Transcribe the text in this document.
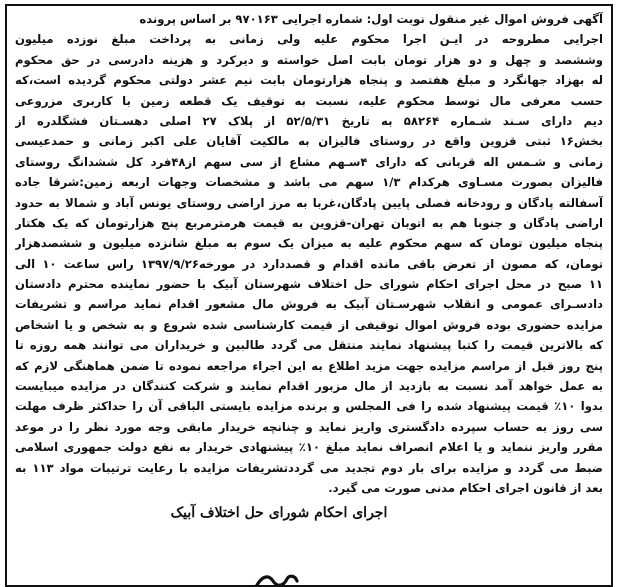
آگهی فروش اموال غیر منقول نوبت اول: شماره اجرایی ۹۷۰۱۶۳ بر اساس پرونده
اجرایی مطروحه در ایـن اجرا محکوم علیه ولی زمانی به پرداخت مبلغ نوزده میلیون
وششصد و چهل و دو هزار تومان بابت اصل خواسته و دیرکرد و هزینه دادرسی در حق محکوم
له بهزاد جهانگرد و مبلغ هفتصد و پنجاه هزارتومان بابت نیم عشر دولتی محکوم گردیده است،که
حسب معرفی مال توسط محکوم علیه، نسبت به توقیف یک قطعه زمین با کاربری مزروعی
دیم دارای سـند شـماره ۵۸۲۶۴ به تاریخ ۵۲/۵/۳۱ از پلاک ۲۷ اصلی دهسـتان فشگلدره از
بخش۱۶ ثبتی قزوین واقع در روستای فالیزان به مالکیت آقایان علی اکبر زمانی و حمدعیسی
زمانی و شـمس اله قربانی که دارای ۴سـهم مشاع از سی سهم از۴۸فرد کل ششدانگ روستای
فالیزان بصورت مسـاوی هرکدام ۱/۳ سهم می باشد و مشخصات وجهات اربعه زمین:شرقا جاده
آسفالته پادگان و رودخانه فصلی پایین پادگان،غربا به مرز اراضی روستای یونس آباد و شمالا به حدود
اراضی پادگان و جنوبا هم به اتوبان تهران-قزوین به قیمت هرمترمربع پنج هزارتومان که یک هکتار
پنجاه میلیون تومان که سهم محکوم علیه به میزان یک سوم به مبلغ شانزده میلیون و ششصدهزار
تومان، که مصون از تعرض باقی مانده اقدام و قصددارد در مورخه۱۳۹۷/۹/۲۶ راس ساعت ۱۰ الی
۱۱ صبح در محل اجرای احکام شورای حل اختلاف شهرستان آبیک با حضور نماینده محترم دادستان
دادسـرای عمومی و انقلاب شهرسـتان آبیک به فروش مال مشعور اقدام نماید مراسم و تشریفات
مزایده حضوری بوده فروش اموال توقیفی از قیمت کارشناسی شده شروع و به شخص و یا اشخاص
که بالاترین قیمت را کتبا پیشنهاد نمایند منتقل می گردد طالبین و خریداران می توانند همه روزه تا
پنج روز قبل از مراسم مزایده جهت مزید اطلاع به این اجراء مراجعه نموده تا ضمن هماهنگی لازم که
به عمل خواهد آمد نسبت به بازدید از مال مزبور اقدام نمایند و شرکت کنندگان در مزایده میبایست
بدوا ۱۰٪ قیمت پیشنهاد شده را فی المجلس و برنده مزایده بایستی الباقی آن را حداکثر ظرف مهلت
سی روز به حساب سپرده دادگستری واریز نماید و چنانچه خریدار مابقی وجه مورد نظر را در موعد
مقرر واریز ننماید و یا اعلام انصراف نماید مبلغ ۱۰٪ پیشنهادی خریدار به نفع دولت جمهوری اسلامی
ضبط می گردد و مزایده برای بار دوم تجدید می گرددتشریفات مزایده با رعایت ترتیبات مواد ۱۱۳ به
بعد از قانون اجرای احکام مدنی صورت می گیرد.
اجرای احکام شورای حل اختلاف آبیک
